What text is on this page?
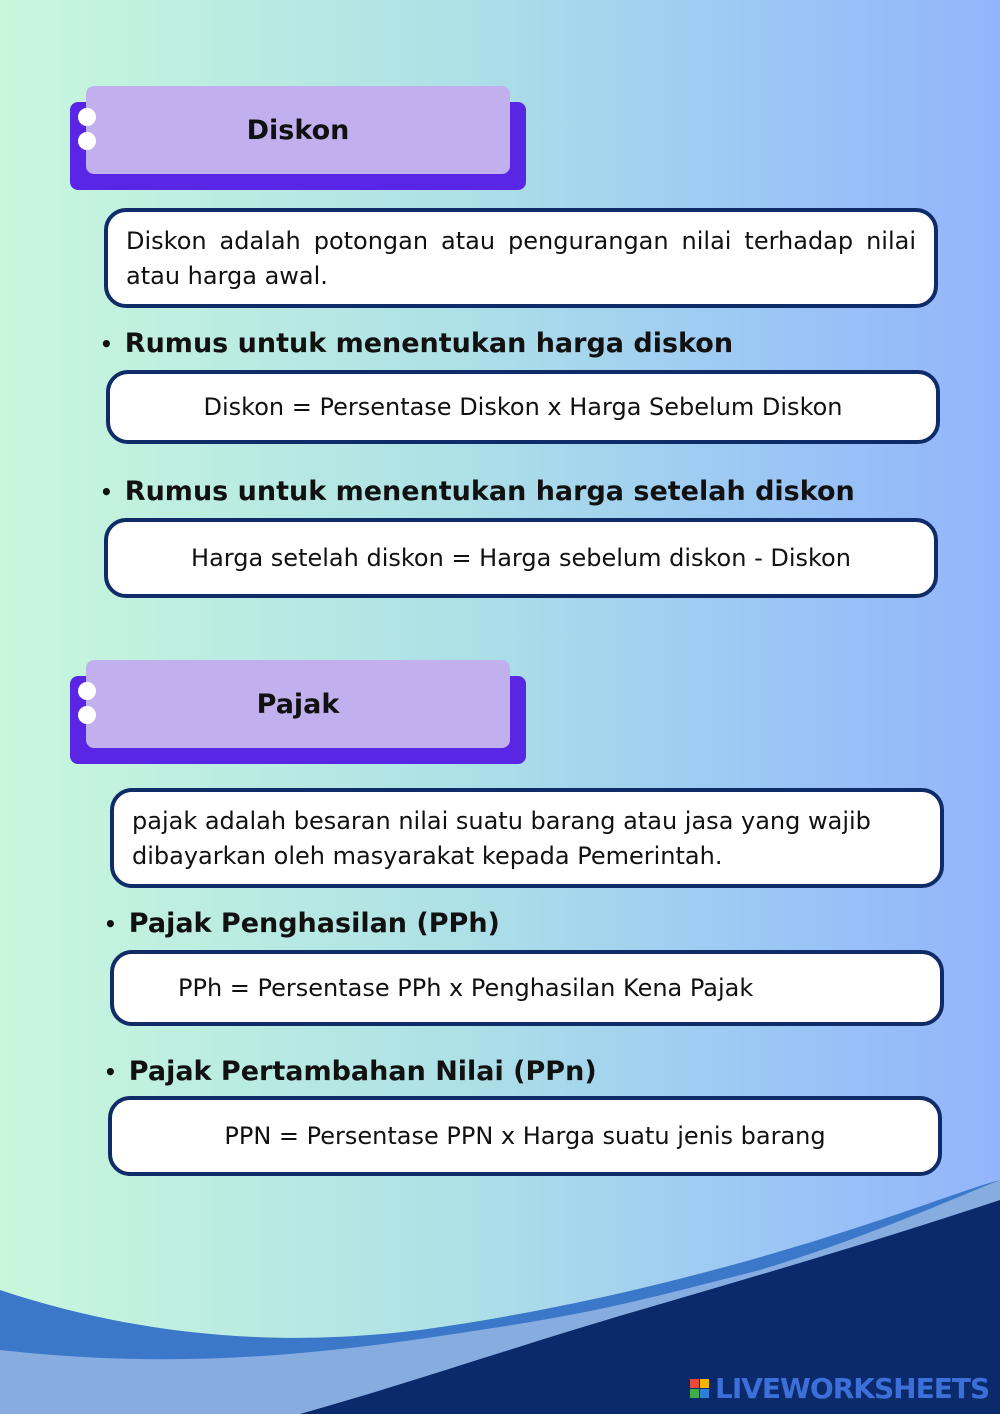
Diskon
Diskon adalah potongan atau pengurangan nilai terhadap nilai atau harga awal.
• Rumus untuk menentukan harga diskon
Diskon = Persentase Diskon x Harga Sebelum Diskon
• Rumus untuk menentukan harga setelah diskon
Harga setelah diskon = Harga sebelum diskon - Diskon
Pajak
pajak adalah besaran nilai suatu barang atau jasa yang wajib dibayarkan oleh masyarakat kepada Pemerintah.
• Pajak Penghasilan (PPh)
PPh = Persentase PPh x Penghasilan Kena Pajak
• Pajak Pertambahan Nilai (PPn)
PPN = Persentase PPN x Harga suatu jenis barang
LIVEWORKSHEETS
